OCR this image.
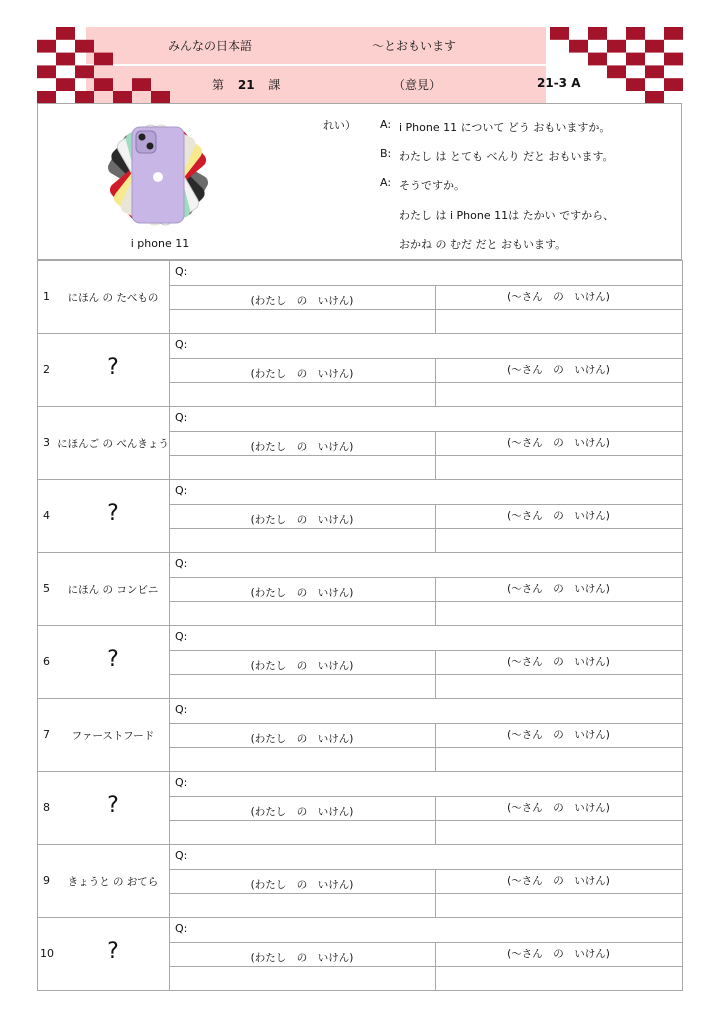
みんなの日本語	～とおもいます
第 21 課	（意見）	21-3 A
i phone 11
れい） A: i Phone 11 について どう おもいますか。
B: わたし は とても べんり だと おもいます。
A: そうですか。
わたし は i Phone 11は たかい ですから、
おかね の むだ だと おもいます。
1	にほん の たべもの
Q:
(わたし　の　いけん)	(～さん　の　いけん)
2	?
Q:
(わたし　の　いけん)	(～さん　の　いけん)
3 にほんご の べんきょう
Q:
(わたし　の　いけん)	(～さん　の　いけん)
4	?
Q:
(わたし　の　いけん)	(～さん　の　いけん)
5	にほん の コンビニ
Q:
(わたし　の　いけん)	(～さん　の　いけん)
6	?
Q:
(わたし　の　いけん)	(～さん　の　いけん)
7	ファーストフード
Q:
(わたし　の　いけん)	(～さん　の　いけん)
8	?
Q:
(わたし　の　いけん)	(～さん　の　いけん)
9	きょうと の おてら
Q:
(わたし　の　いけん)	(～さん　の　いけん)
10	?
Q:
(わたし　の　いけん)	(～さん　の　いけん)
